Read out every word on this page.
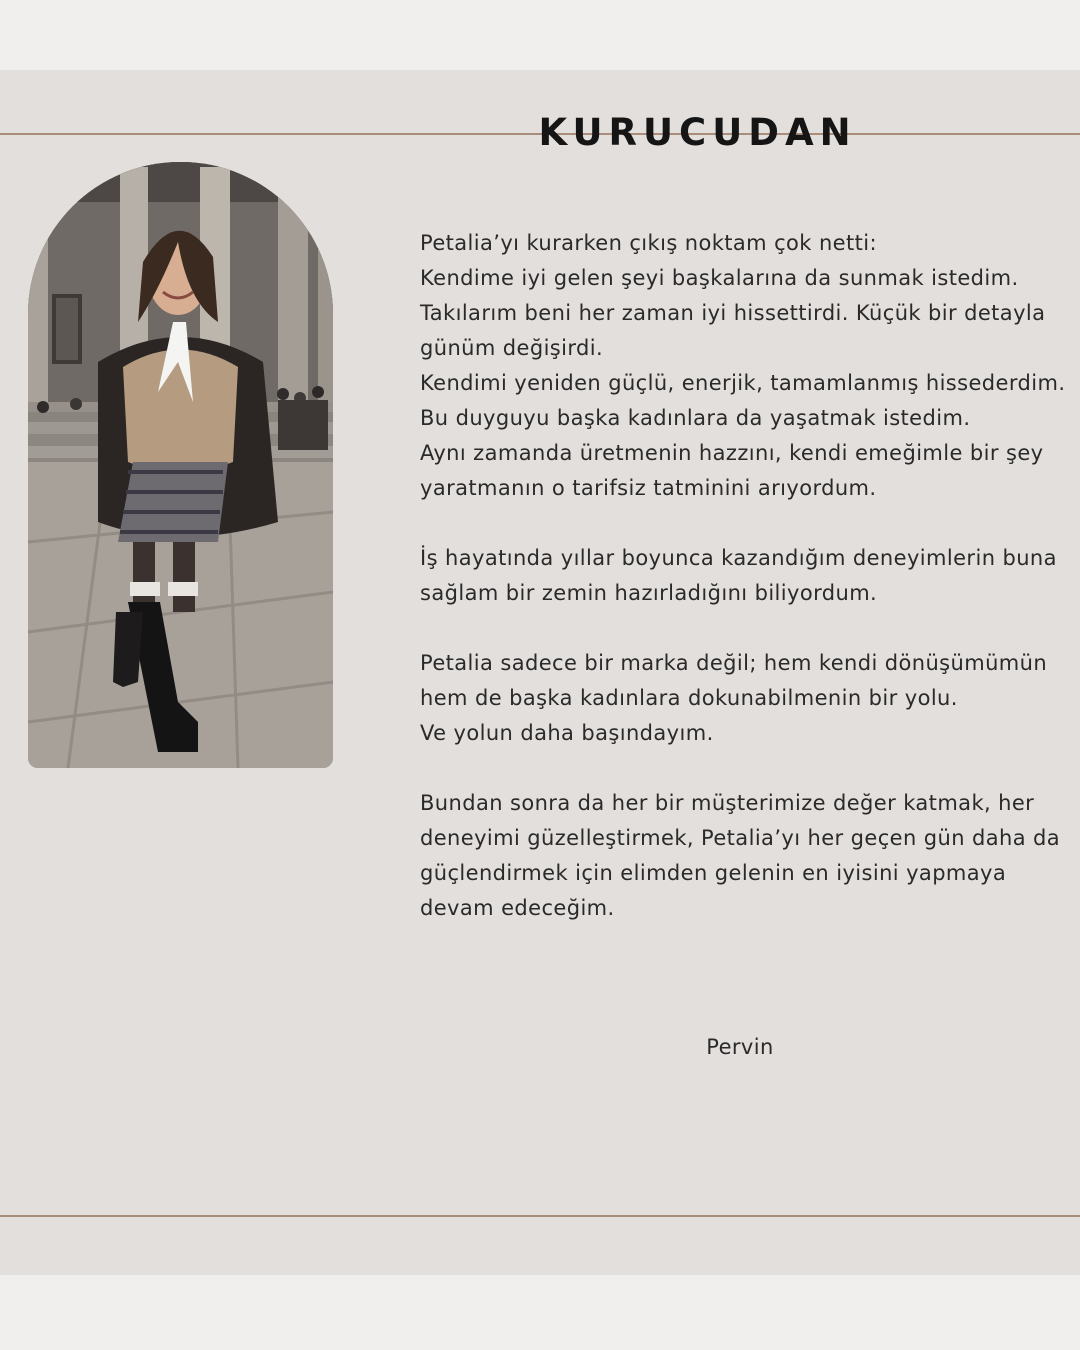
KURUCUDAN

Petalia’yı kurarken çıkış noktam çok netti:
Kendime iyi gelen şeyi başkalarına da sunmak istedim.
Takılarım beni her zaman iyi hissettirdi. Küçük bir detayla günüm değişirdi.
Kendimi yeniden güçlü, enerjik, tamamlanmış hissederdim. Bu duyguyu başka kadınlara da yaşatmak istedim.
Aynı zamanda üretmenin hazzını, kendi emeğimle bir şey yaratmanın o tarifsiz tatminini arıyordum.

İş hayatında yıllar boyunca kazandığım deneyimlerin buna sağlam bir zemin hazırladığını biliyordum.

Petalia sadece bir marka değil; hem kendi dönüşümümün hem de başka kadınlara dokunabilmenin bir yolu.
Ve yolun daha başındayım.

Bundan sonra da her bir müşterimize değer katmak, her deneyimi güzelleştirmek, Petalia’yı her geçen gün daha da güçlendirmek için elimden gelenin en iyisini yapmaya devam edeceğim.

Pervin
